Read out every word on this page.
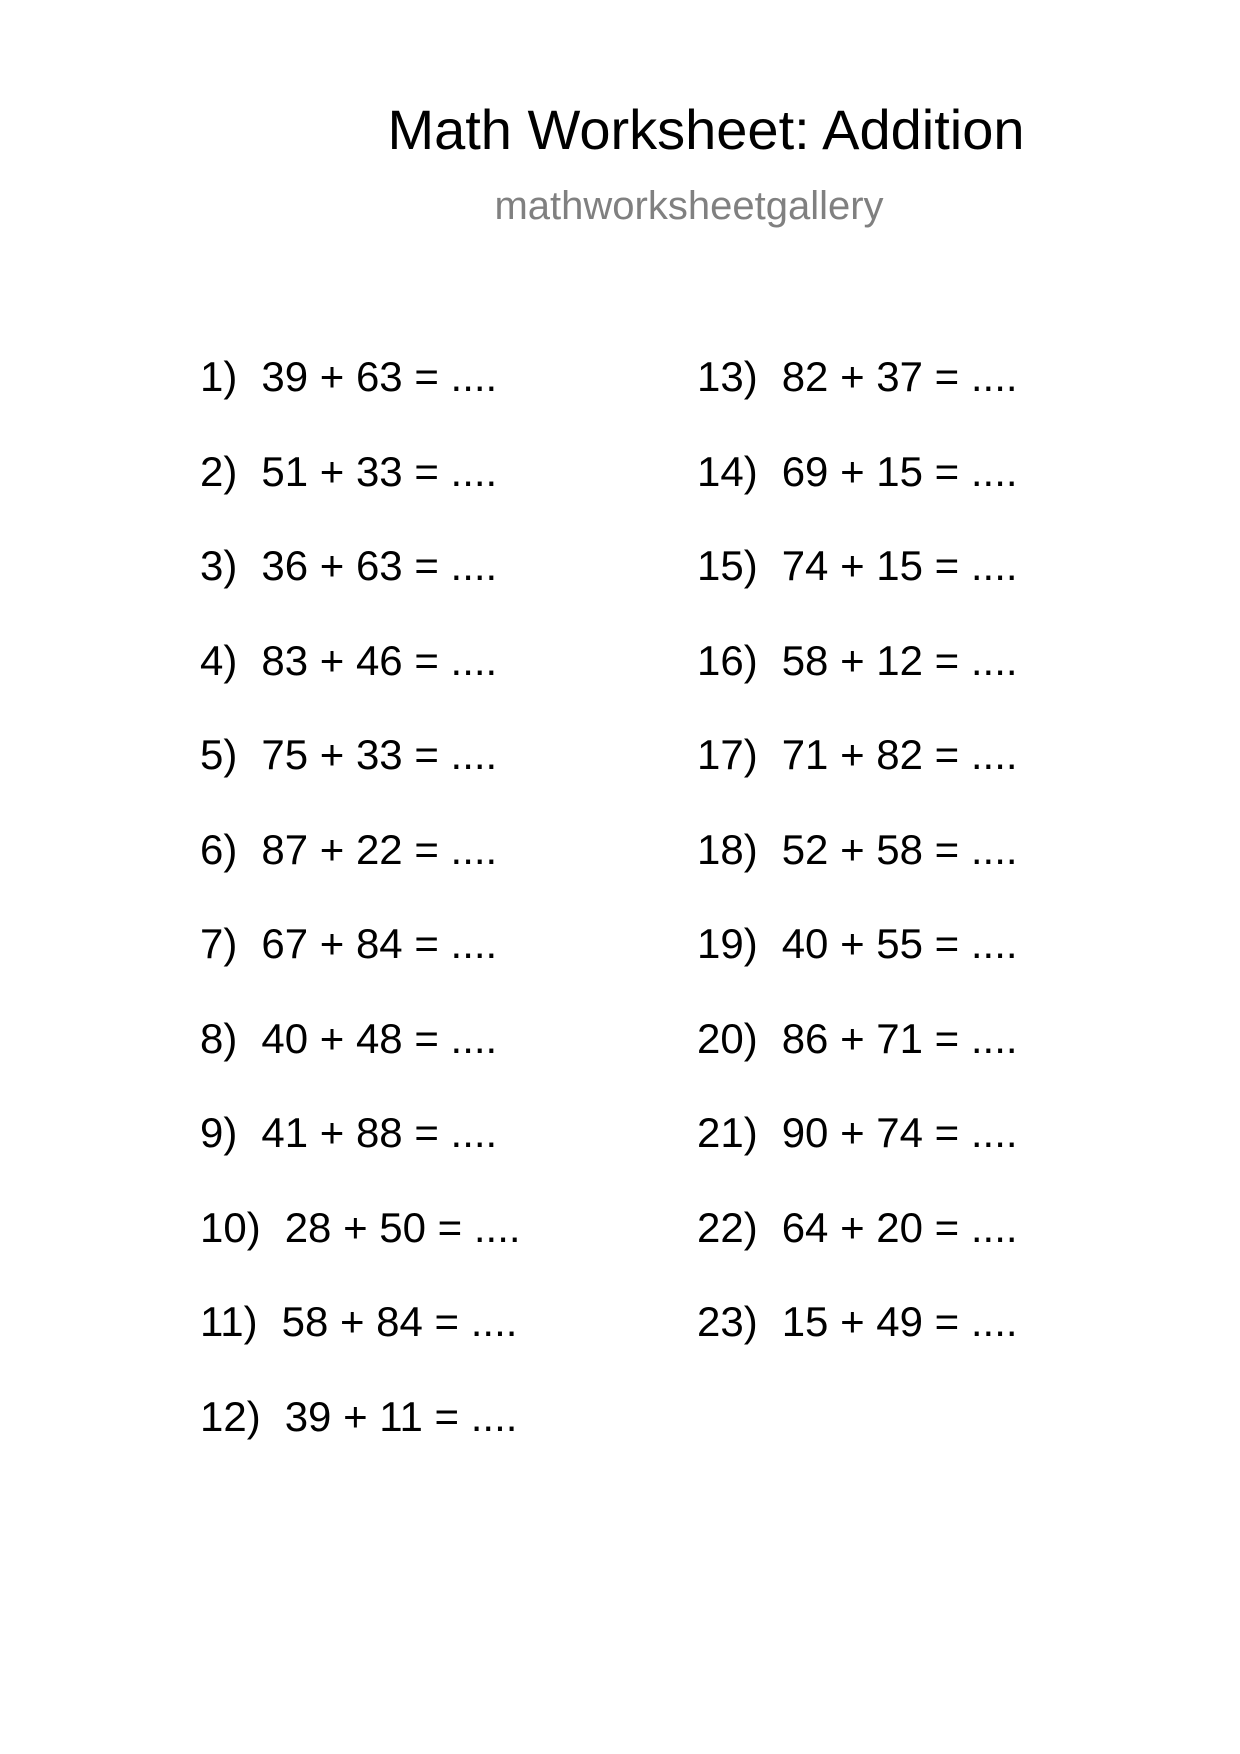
Math Worksheet: Addition
mathworksheetgallery
1) 39 + 63 = ....
2) 51 + 33 = ....
3) 36 + 63 = ....
4) 83 + 46 = ....
5) 75 + 33 = ....
6) 87 + 22 = ....
7) 67 + 84 = ....
8) 40 + 48 = ....
9) 41 + 88 = ....
10) 28 + 50 = ....
11) 58 + 84 = ....
12) 39 + 11 = ....
13) 82 + 37 = ....
14) 69 + 15 = ....
15) 74 + 15 = ....
16) 58 + 12 = ....
17) 71 + 82 = ....
18) 52 + 58 = ....
19) 40 + 55 = ....
20) 86 + 71 = ....
21) 90 + 74 = ....
22) 64 + 20 = ....
23) 15 + 49 = ....
